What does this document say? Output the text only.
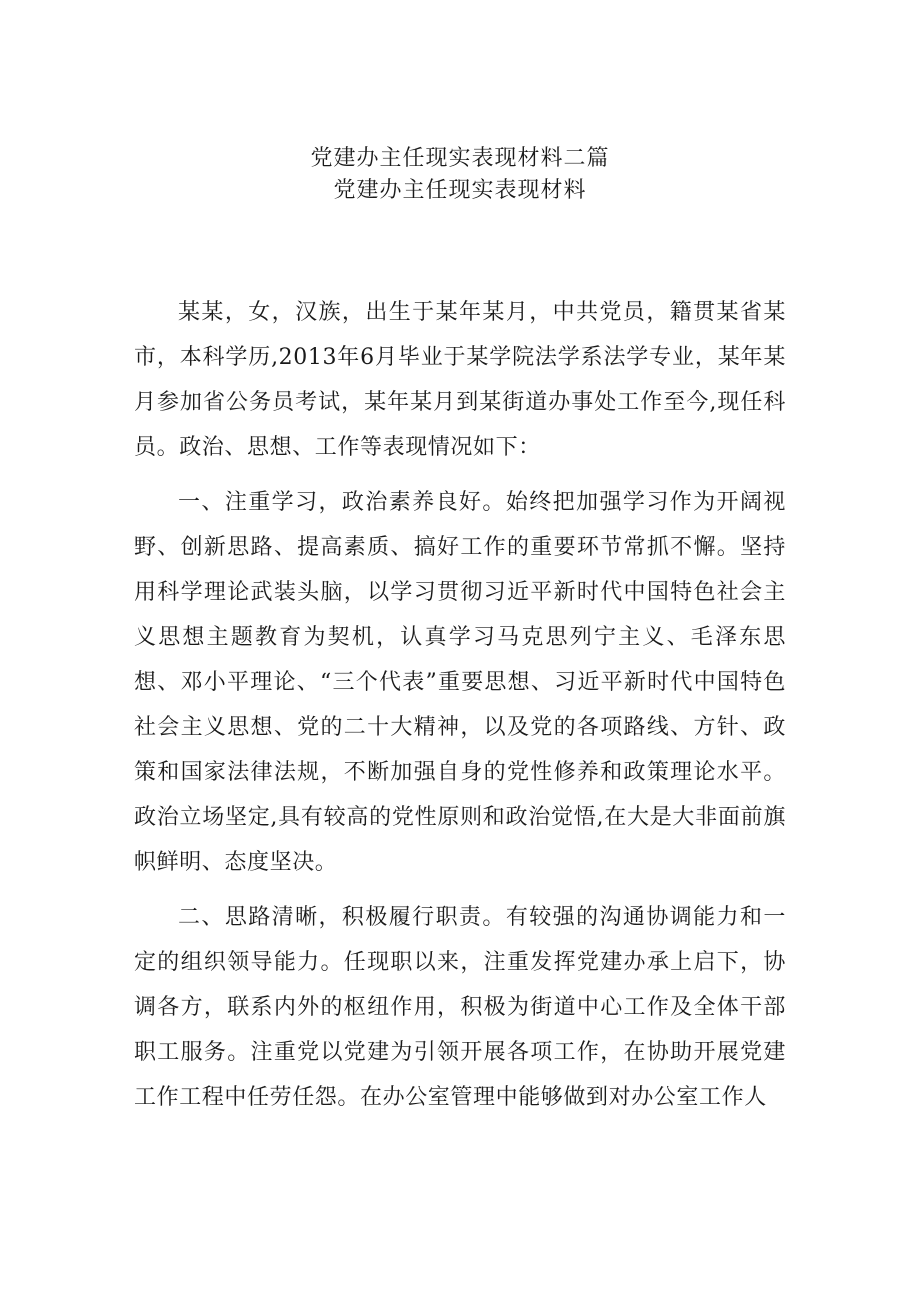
党建办主任现实表现材料二篇

党建办主任现实表现材料

某某，女，汉族，出生于某年某月，中共党员，籍贯某省某市，本科学历,2013年6月毕业于某学院法学系法学专业，某年某月参加省公务员考试，某年某月到某街道办事处工作至今,现任科员。政治、思想、工作等表现情况如下：

一、注重学习，政治素养良好。始终把加强学习作为开阔视野、创新思路、提高素质、搞好工作的重要环节常抓不懈。坚持用科学理论武装头脑，以学习贯彻习近平新时代中国特色社会主义思想主题教育为契机，认真学习马克思列宁主义、毛泽东思想、邓小平理论、“三个代表”重要思想、习近平新时代中国特色社会主义思想、党的二十大精神，以及党的各项路线、方针、政策和国家法律法规，不断加强自身的党性修养和政策理论水平。政治立场坚定,具有较高的党性原则和政治觉悟,在大是大非面前旗帜鲜明、态度坚决。

二、思路清晰，积极履行职责。有较强的沟通协调能力和一定的组织领导能力。任现职以来，注重发挥党建办承上启下，协调各方，联系内外的枢纽作用，积极为街道中心工作及全体干部职工服务。注重党以党建为引领开展各项工作，在协助开展党建工作工程中任劳任怨。在办公室管理中能够做到对办公室工作人
